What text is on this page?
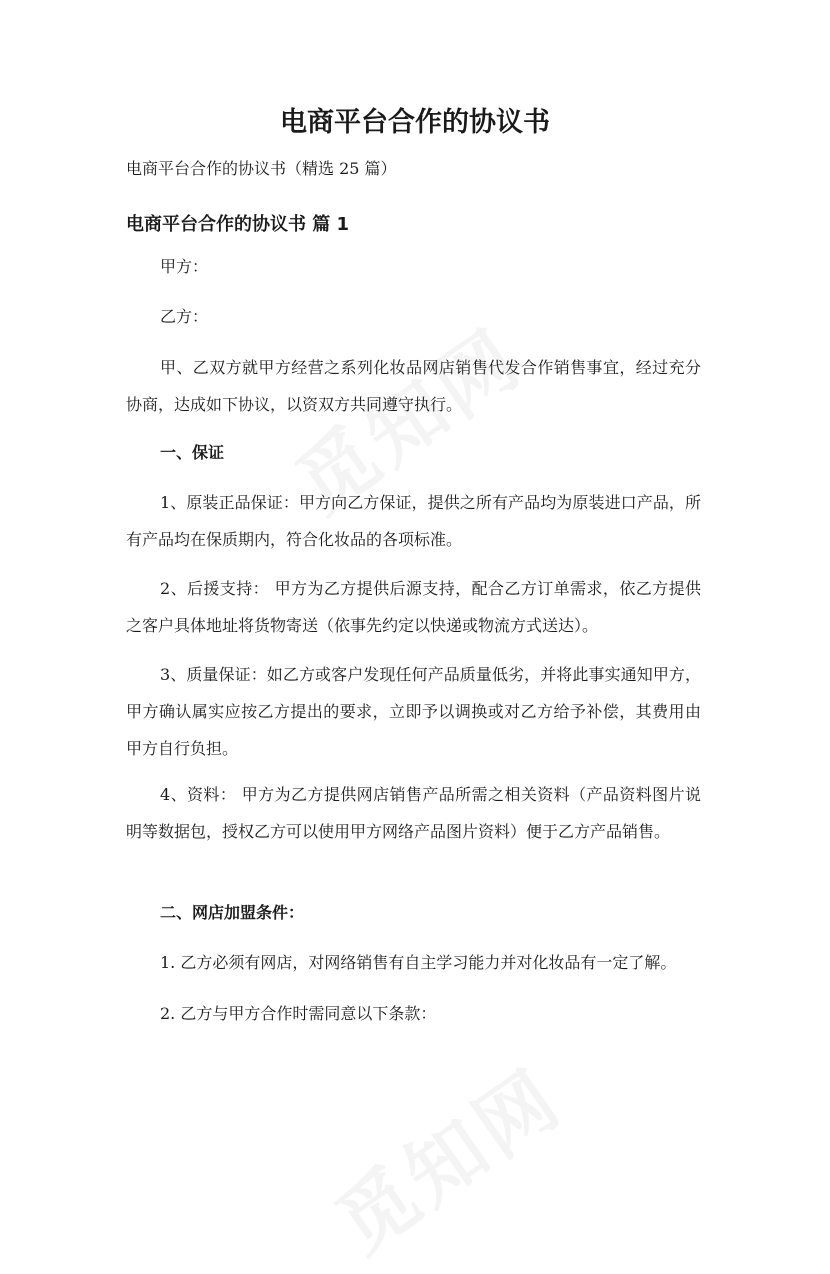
电商平台合作的协议书

电商平台合作的协议书（精选 25 篇）

电商平台合作的协议书 篇 1

甲方：

乙方：

甲、乙双方就甲方经营之系列化妆品网店销售代发合作销售事宜，经过充分协商，达成如下协议，以资双方共同遵守执行。

一、保证

1、原装正品保证：甲方向乙方保证，提供之所有产品均为原装进口产品，所有产品均在保质期内，符合化妆品的各项标准。

2、后援支持： 甲方为乙方提供后源支持，配合乙方订单需求，依乙方提供之客户具体地址将货物寄送（依事先约定以快递或物流方式送达）。

3、质量保证：如乙方或客户发现任何产品质量低劣，并将此事实通知甲方，甲方确认属实应按乙方提出的要求，立即予以调换或对乙方给予补偿，其费用由甲方自行负担。

4、资料： 甲方为乙方提供网店销售产品所需之相关资料（产品资料图片说明等数据包，授权乙方可以使用甲方网络产品图片资料）便于乙方产品销售。

二、网店加盟条件：

1. 乙方必须有网店，对网络销售有自主学习能力并对化妆品有一定了解。

2. 乙方与甲方合作时需同意以下条款：
